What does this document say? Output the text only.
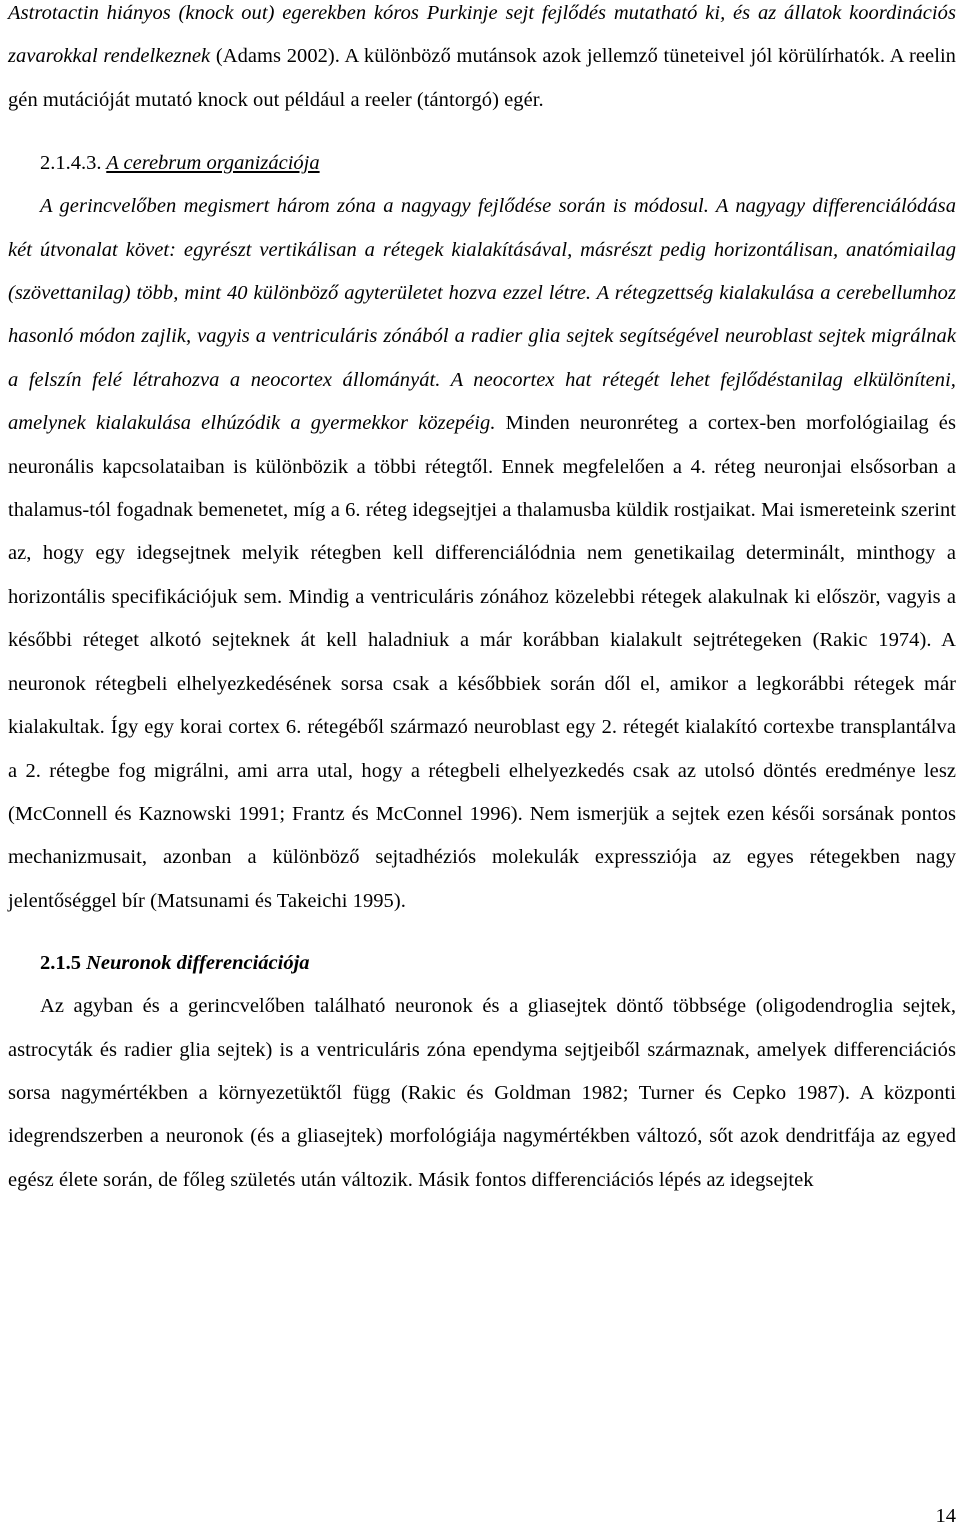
Astrotactin hiányos (knock out) egerekben kóros Purkinje sejt fejlődés mutatható ki, és az állatok koordinációs zavarokkal rendelkeznek (Adams 2002). A különböző mutánsok azok jellemző tüneteivel jól körülírhatók. A reelin gén mutációját mutató knock out például a reeler (tántorgó) egér.

2.1.4.3. A cerebrum organizációja

A gerincvelőben megismert három zóna a nagyagy fejlődése során is módosul. A nagyagy differenciálódása két útvonalat követ: egyrészt vertikálisan a rétegek kialakításával, másrészt pedig horizontálisan, anatómiailag (szövettanilag) több, mint 40 különböző agyterületet hozva ezzel létre. A rétegzettség kialakulása a cerebellumhoz hasonló módon zajlik, vagyis a ventriculáris zónából a radier glia sejtek segítségével neuroblast sejtek migrálnak a felszín felé létrahozva a neocortex állományát. A neocortex hat rétegét lehet fejlődéstanilag elkülöníteni, amelynek kialakulása elhúzódik a gyermekkor közepéig. Minden neuronréteg a cortex-ben morfológiailag és neuronális kapcsolataiban is különbözik a többi rétegtől. Ennek megfelelően a 4. réteg neuronjai elsősorban a thalamus-tól fogadnak bemenetet, míg a 6. réteg idegsejtjei a thalamusba küldik rostjaikat. Mai ismereteink szerint az, hogy egy idegsejtnek melyik rétegben kell differenciálódnia nem genetikailag determinált, minthogy a horizontális specifikációjuk sem. Mindig a ventriculáris zónához közelebbi rétegek alakulnak ki először, vagyis a későbbi réteget alkotó sejteknek át kell haladniuk a már korábban kialakult sejtrétegeken (Rakic 1974). A neuronok rétegbeli elhelyezkedésének sorsa csak a későbbiek során dől el, amikor a legkorábbi rétegek már kialakultak. Így egy korai cortex 6. rétegéből származó neuroblast egy 2. rétegét kialakító cortexbe transplantálva a 2. rétegbe fog migrálni, ami arra utal, hogy a rétegbeli elhelyezkedés csak az utolsó döntés eredménye lesz (McConnell és Kaznowski 1991; Frantz és McConnel 1996). Nem ismerjük a sejtek ezen késői sorsának pontos mechanizmusait, azonban a különböző sejtadhéziós molekulák expressziója az egyes rétegekben nagy jelentőséggel bír (Matsunami és Takeichi 1995).

2.1.5 Neuronok differenciációja

Az agyban és a gerincvelőben található neuronok és a gliasejtek döntő többsége (oligodendroglia sejtek, astrocyták és radier glia sejtek) is a ventriculáris zóna ependyma sejtjeiből származnak, amelyek differenciációs sorsa nagymértékben a környezetüktől függ (Rakic és Goldman 1982; Turner és Cepko 1987). A központi idegrendszerben a neuronok (és a gliasejtek) morfológiája nagymértékben változó, sőt azok dendritfája az egyed egész élete során, de főleg születés után változik. Másik fontos differenciációs lépés az idegsejtek

14
